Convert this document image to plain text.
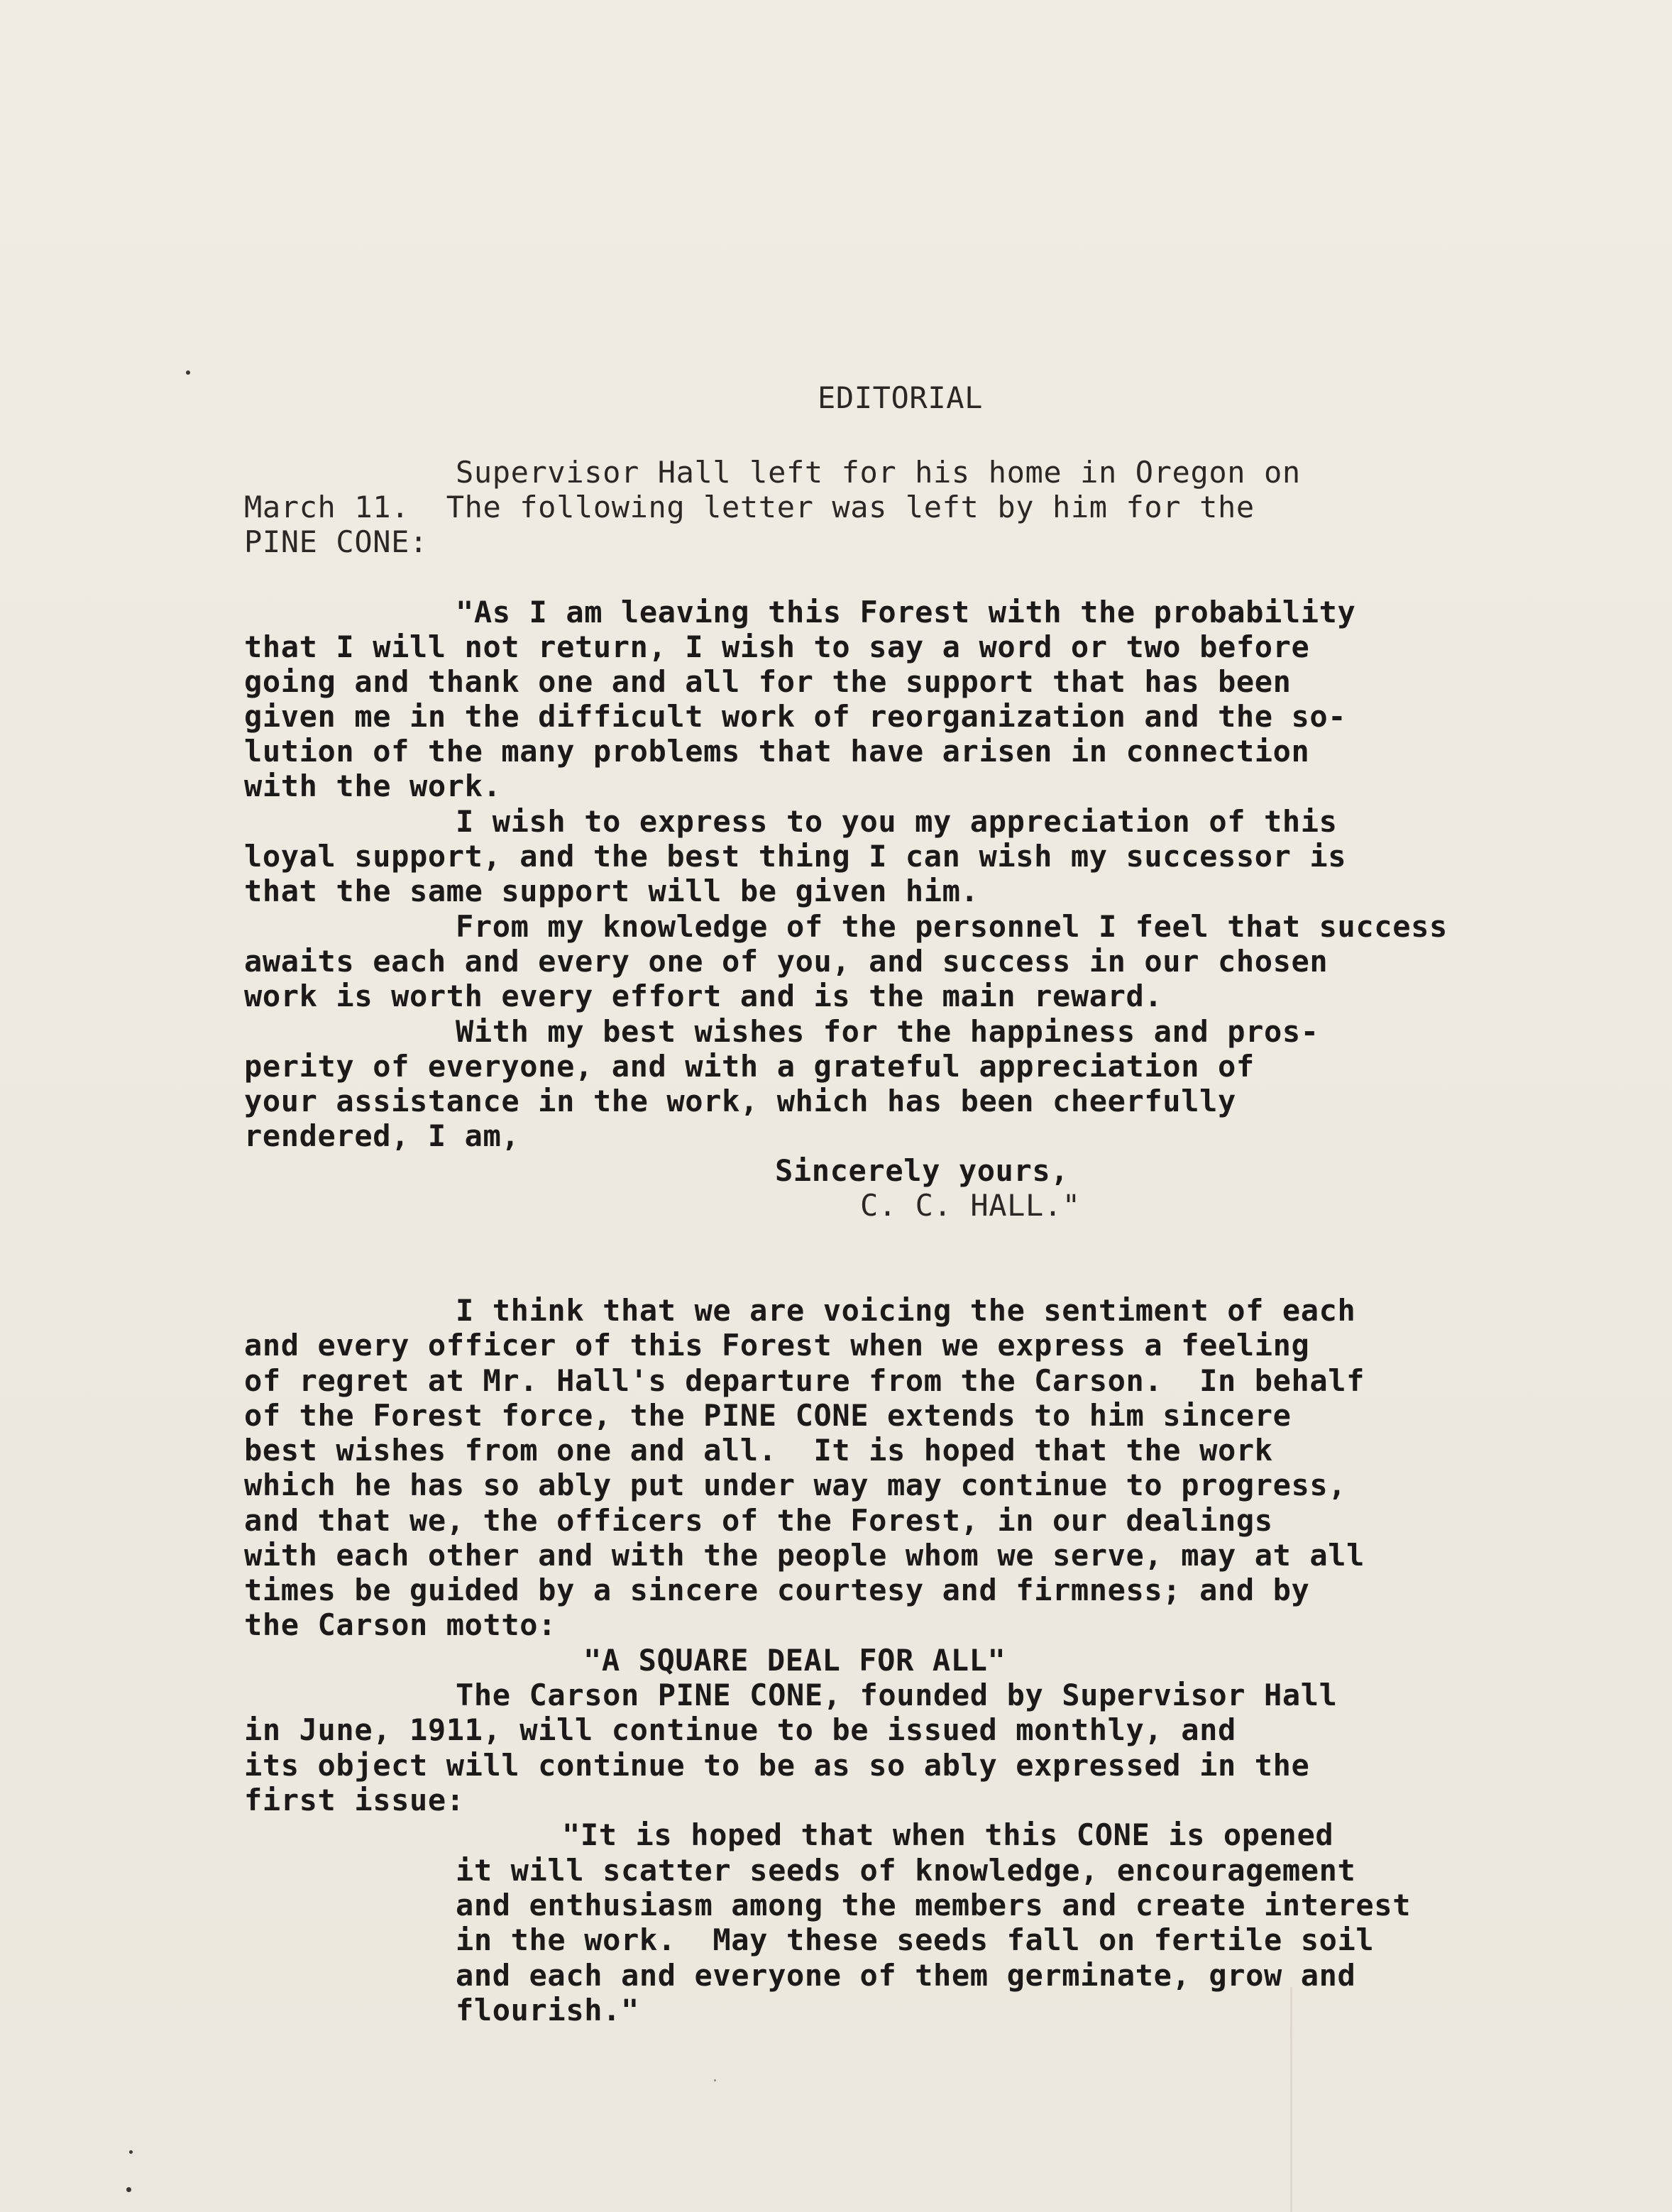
EDITORIAL
Supervisor Hall left for his home in Oregon on
March 11.  The following letter was left by him for the
PINE CONE:
"As I am leaving this Forest with the probability
that I will not return, I wish to say a word or two before
going and thank one and all for the support that has been
given me in the difficult work of reorganization and the so-
lution of the many problems that have arisen in connection
with the work.
I wish to express to you my appreciation of this
loyal support, and the best thing I can wish my successor is
that the same support will be given him.
From my knowledge of the personnel I feel that success
awaits each and every one of you, and success in our chosen
work is worth every effort and is the main reward.
With my best wishes for the happiness and pros-
perity of everyone, and with a grateful appreciation of
your assistance in the work, which has been cheerfully
rendered, I am,
Sincerely yours,
C. C. HALL."
I think that we are voicing the sentiment of each
and every officer of this Forest when we express a feeling
of regret at Mr. Hall's departure from the Carson.  In behalf
of the Forest force, the PINE CONE extends to him sincere
best wishes from one and all.  It is hoped that the work
which he has so ably put under way may continue to progress,
and that we, the officers of the Forest, in our dealings
with each other and with the people whom we serve, may at all
times be guided by a sincere courtesy and firmness; and by
the Carson motto:
"A SQUARE DEAL FOR ALL"
The Carson PINE CONE, founded by Supervisor Hall
in June, 1911, will continue to be issued monthly, and
its object will continue to be as so ably expressed in the
first issue:
"It is hoped that when this CONE is opened
it will scatter seeds of knowledge, encouragement
and enthusiasm among the members and create interest
in the work.  May these seeds fall on fertile soil
and each and everyone of them germinate, grow and
flourish."
